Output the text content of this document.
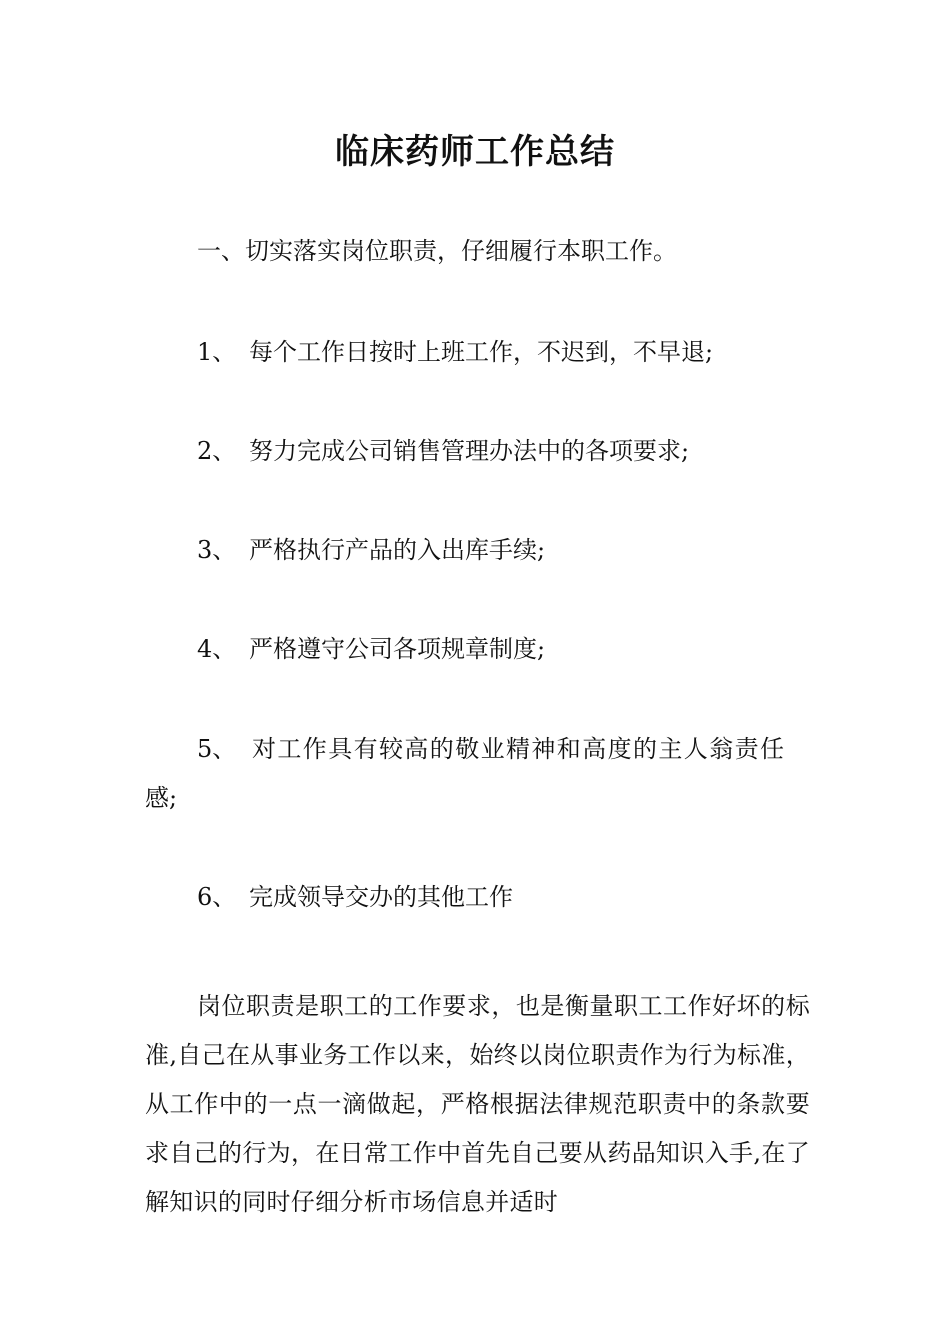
临床药师工作总结
一、切实落实岗位职责，仔细履行本职工作。
1、 每个工作日按时上班工作，不迟到，不早退;
2、 努力完成公司销售管理办法中的各项要求;
3、 严格执行产品的入出库手续;
4、 严格遵守公司各项规章制度;
5、 对工作具有较高的敬业精神和高度的主人翁责任
感;
6、 完成领导交办的其他工作
岗位职责是职工的工作要求，也是衡量职工工作好坏的标准,自己在从事业务工作以来，始终以岗位职责作为行为标准，从工作中的一点一滴做起，严格根据法律规范职责中的条款要求自己的行为，在日常工作中首先自己要从药品知识入手,在了解知识的同时仔细分析市场信息并适时
